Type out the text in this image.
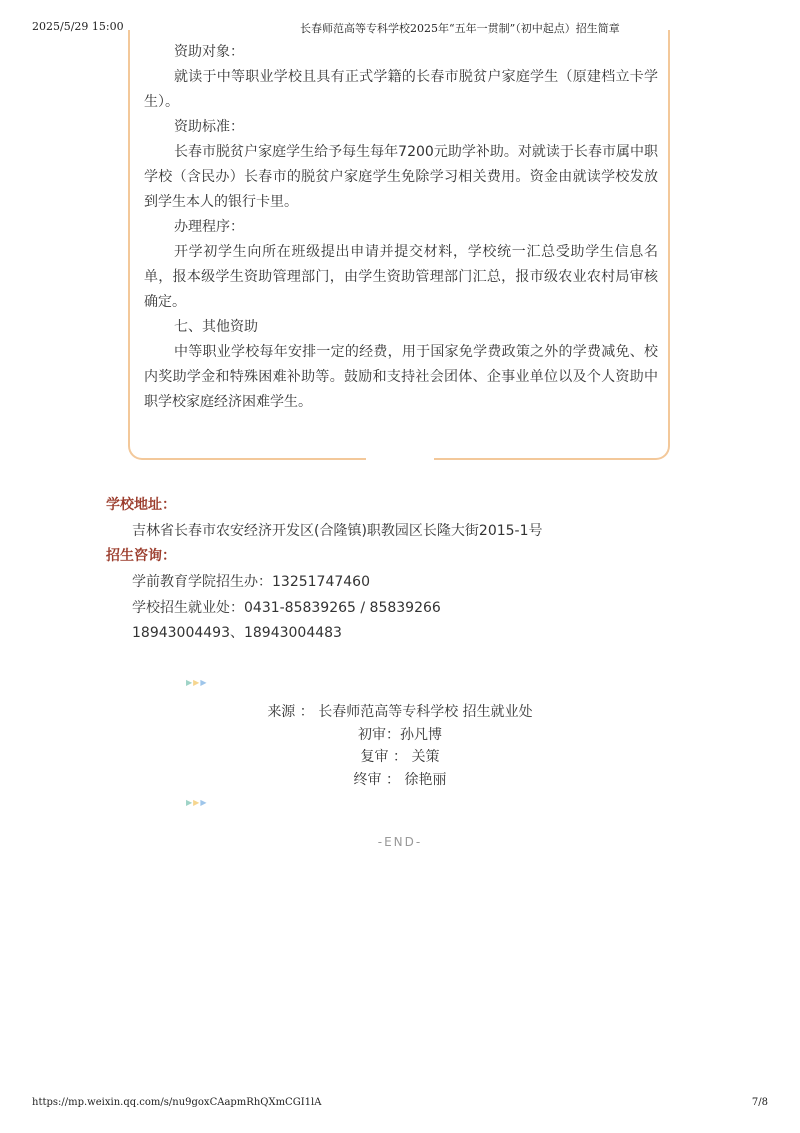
2025/5/29 15:00	长春师范高等专科学校2025年“五年一贯制”（初中起点）招生简章

资助对象：

就读于中等职业学校且具有正式学籍的长春市脱贫户家庭学生（原建档立卡学生）。

资助标准：

长春市脱贫户家庭学生给予每生每年7200元助学补助。对就读于长春市属中职学校（含民办）长春市的脱贫户家庭学生免除学习相关费用。资金由就读学校发放到学生本人的银行卡里。

办理程序：

开学初学生向所在班级提出申请并提交材料，学校统一汇总受助学生信息名单，报本级学生资助管理部门，由学生资助管理部门汇总，报市级农业农村局审核确定。

七、其他资助

中等职业学校每年安排一定的经费，用于国家免学费政策之外的学费减免、校内奖助学金和特殊困难补助等。鼓励和支持社会团体、企事业单位以及个人资助中职学校家庭经济困难学生。

学校地址：
吉林省长春市农安经济开发区(合隆镇)职教园区长隆大街2015-1号
招生咨询：
学前教育学院招生办：13251747460
学校招生就业处：0431-85839265 / 85839266
18943004493、18943004483
▶▶▶
来源 ： 长春师范高等专科学校 招生就业处
初审：孙凡博
复审 ： 关策
终审 ： 徐艳丽
▶▶▶
-END-
https://mp.weixin.qq.com/s/nu9goxCAapmRhQXmCGI1lA	7/8
